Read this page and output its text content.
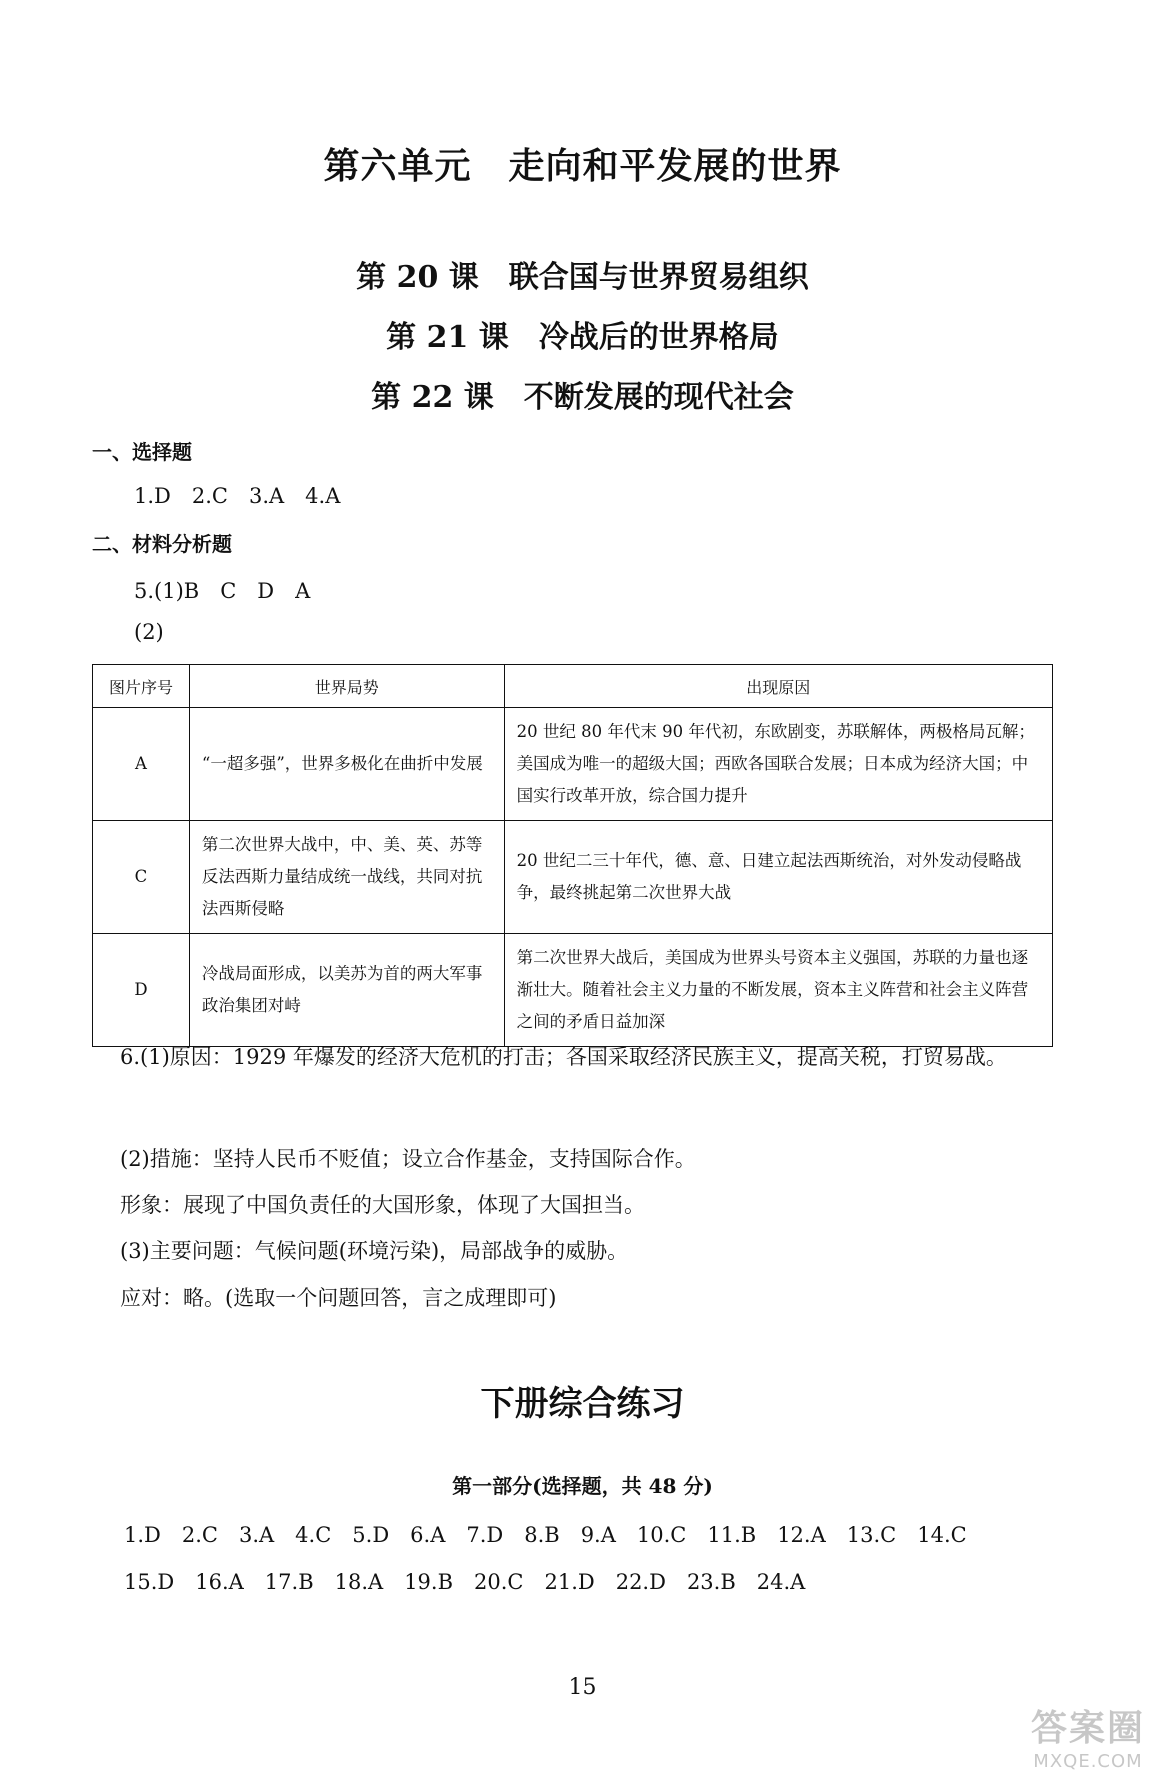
第六单元　走向和平发展的世界
第 20 课　联合国与世界贸易组织
第 21 课　冷战后的世界格局
第 22 课　不断发展的现代社会
一、选择题
1.D　2.C　3.A　4.A
二、材料分析题
5.(1)B　C　D　A
(2)
图片序号	世界局势	出现原因
A	“一超多强”，世界多极化在曲折中发展	20 世纪 80 年代末 90 年代初，东欧剧变，苏联解体，两极格局瓦解；美国成为唯一的超级大国；西欧各国联合发展；日本成为经济大国；中国实行改革开放，综合国力提升
C	第二次世界大战中，中、美、英、苏等反法西斯力量结成统一战线，共同对抗法西斯侵略	20 世纪二三十年代，德、意、日建立起法西斯统治，对外发动侵略战争，最终挑起第二次世界大战
D	冷战局面形成，以美苏为首的两大军事政治集团对峙	第二次世界大战后，美国成为世界头号资本主义强国，苏联的力量也逐渐壮大。随着社会主义力量的不断发展，资本主义阵营和社会主义阵营之间的矛盾日益加深
6.(1)原因：1929 年爆发的经济大危机的打击；各国采取经济民族主义，提高关税，打贸易战。
(2)措施：坚持人民币不贬值；设立合作基金，支持国际合作。
形象：展现了中国负责任的大国形象，体现了大国担当。
(3)主要问题：气候问题(环境污染)，局部战争的威胁。
应对：略。(选取一个问题回答，言之成理即可)
下册综合练习
第一部分(选择题，共 48 分)
1.D　2.C　3.A　4.C　5.D　6.A　7.D　8.B　9.A　10.C　11.B　12.A　13.C　14.C
15.D　16.A　17.B　18.A　19.B　20.C　21.D　22.D　23.B　24.A
15
答案圈
MXQE.COM
